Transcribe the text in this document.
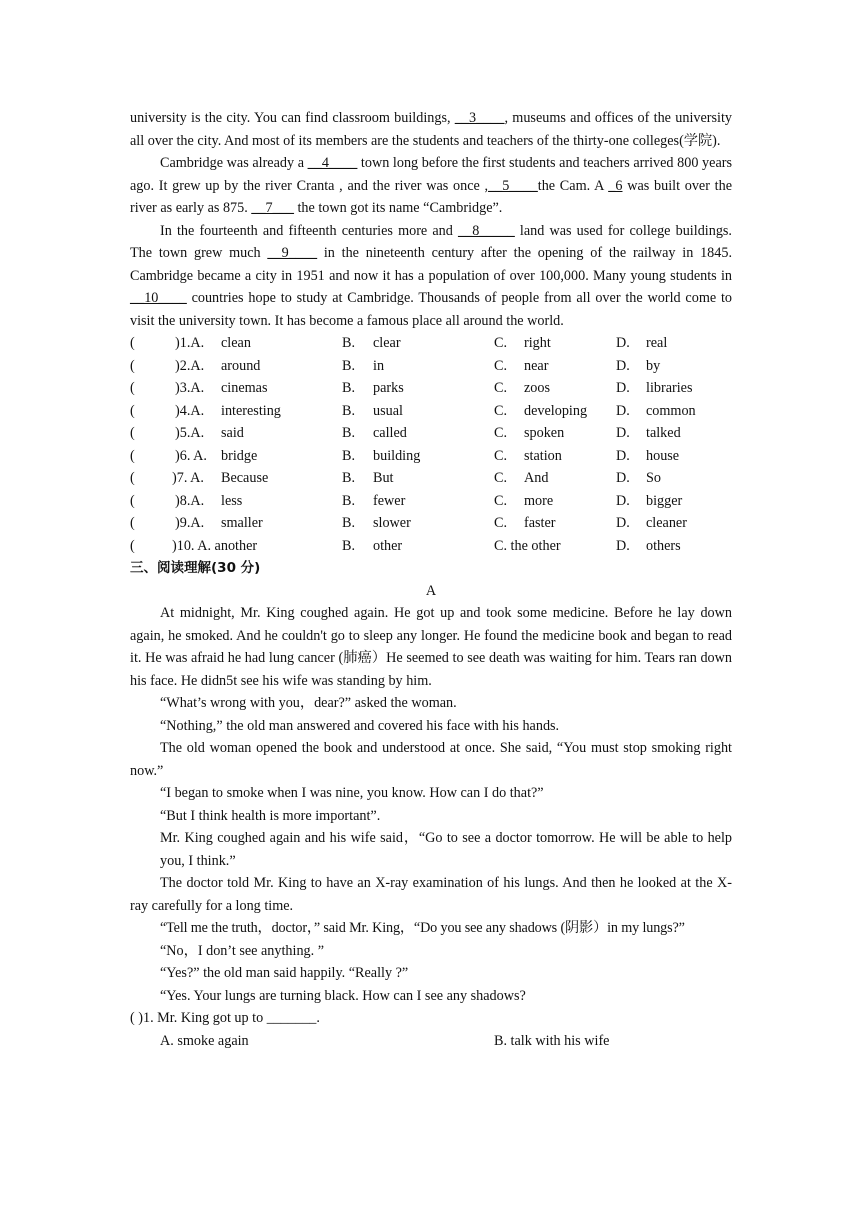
university is the city. You can find classroom buildings, __3____, museums and offices of the university all over the city. And most of its members are the students and teachers of the thirty-one colleges(学院).

Cambridge was already a __4____ town long before the first students and teachers arrived 800 years ago. It grew up by the river Cranta , and the river was once ,__5____the Cam. A _6 was built over the river as early as 875. __7___ the town got its name “Cambridge”.

In the fourteenth and fifteenth centuries more and __8_____ land was used for college buildings. The town grew much __9____ in the nineteenth century after the opening of the railway in 1845. Cambridge became a city in 1951 and now it has a population of over 100,000. Many young students in __10____ countries hope to study at Cambridge. Thousands of people from all over the world come to visit the university town. It has become a famous place all around the world.

(	)1.A. clean	B. clear	C. right	D. real
(	)2.A. around	B. in	C. near	D. by
(	)3.A. cinemas	B. parks	C. zoos	D. libraries
(	)4.A. interesting	B. usual	C. developing D. common
(	)5.A. said	B. called	C. spoken	D. talked
(	)6. A. bridge	B. building	C. station	D. house
(	)7. A. Because	B. But	C. And	D. So
(	)8.A. less	B. fewer	C. more	D. bigger
(	)9.A. smaller	B. slower	C. faster	D. cleaner
(	)10. A. another	B. other	C. the other	D. others

三、阅读理解(30 分)

A

At midnight, Mr. King coughed again. He got up and took some medicine. Before he lay down again, he smoked. And he couldn't go to sleep any longer. He found the medicine book and began to read it. He was afraid he had lung cancer (肺癌）He seemed to see death was waiting for him. Tears ran down his face. He didn5t see his wife was standing by him.

“What’s wrong with you，dear?” asked the woman.

“Nothing,” the old man answered and covered his face with his hands.

The old woman opened the book and understood at once. She said, “You must stop smoking right now.”

“I began to smoke when I was nine, you know. How can I do that?”

“But I think health is more important”.

Mr. King coughed again and his wife said，“Go to see a doctor tomorrow. He will be able to help you, I think.”

The doctor told Mr. King to have an X-ray examination of his lungs. And then he looked at the X-ray carefully for a long time.

“Tell me the truth，doctor，” said Mr. King，“Do you see any shadows (阴影）in my lungs?”

“No，I don’t see anything. ”

“Yes?” the old man said happily. “Really ?”

“Yes. Your lungs are turning black. How can I see any shadows?

( )1. Mr. King got up to _______.

A. smoke again	B. talk with his wife
